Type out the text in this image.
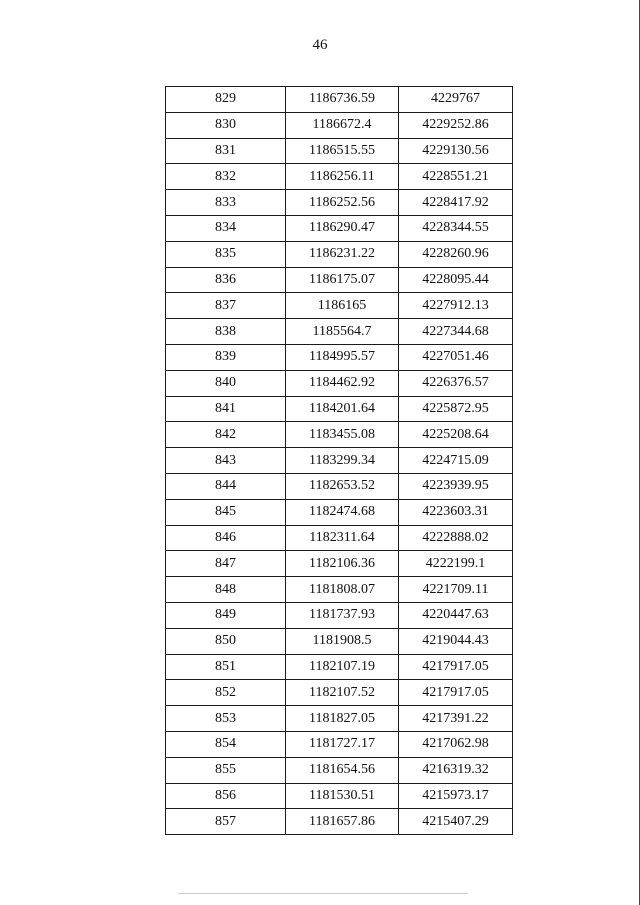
46
829	1186736.59	4229767
830	1186672.4	4229252.86
831	1186515.55	4229130.56
832	1186256.11	4228551.21
833	1186252.56	4228417.92
834	1186290.47	4228344.55
835	1186231.22	4228260.96
836	1186175.07	4228095.44
837	1186165	4227912.13
838	1185564.7	4227344.68
839	1184995.57	4227051.46
840	1184462.92	4226376.57
841	1184201.64	4225872.95
842	1183455.08	4225208.64
843	1183299.34	4224715.09
844	1182653.52	4223939.95
845	1182474.68	4223603.31
846	1182311.64	4222888.02
847	1182106.36	4222199.1
848	1181808.07	4221709.11
849	1181737.93	4220447.63
850	1181908.5	4219044.43
851	1182107.19	4217917.05
852	1182107.52	4217917.05
853	1181827.05	4217391.22
854	1181727.17	4217062.98
855	1181654.56	4216319.32
856	1181530.51	4215973.17
857	1181657.86	4215407.29
